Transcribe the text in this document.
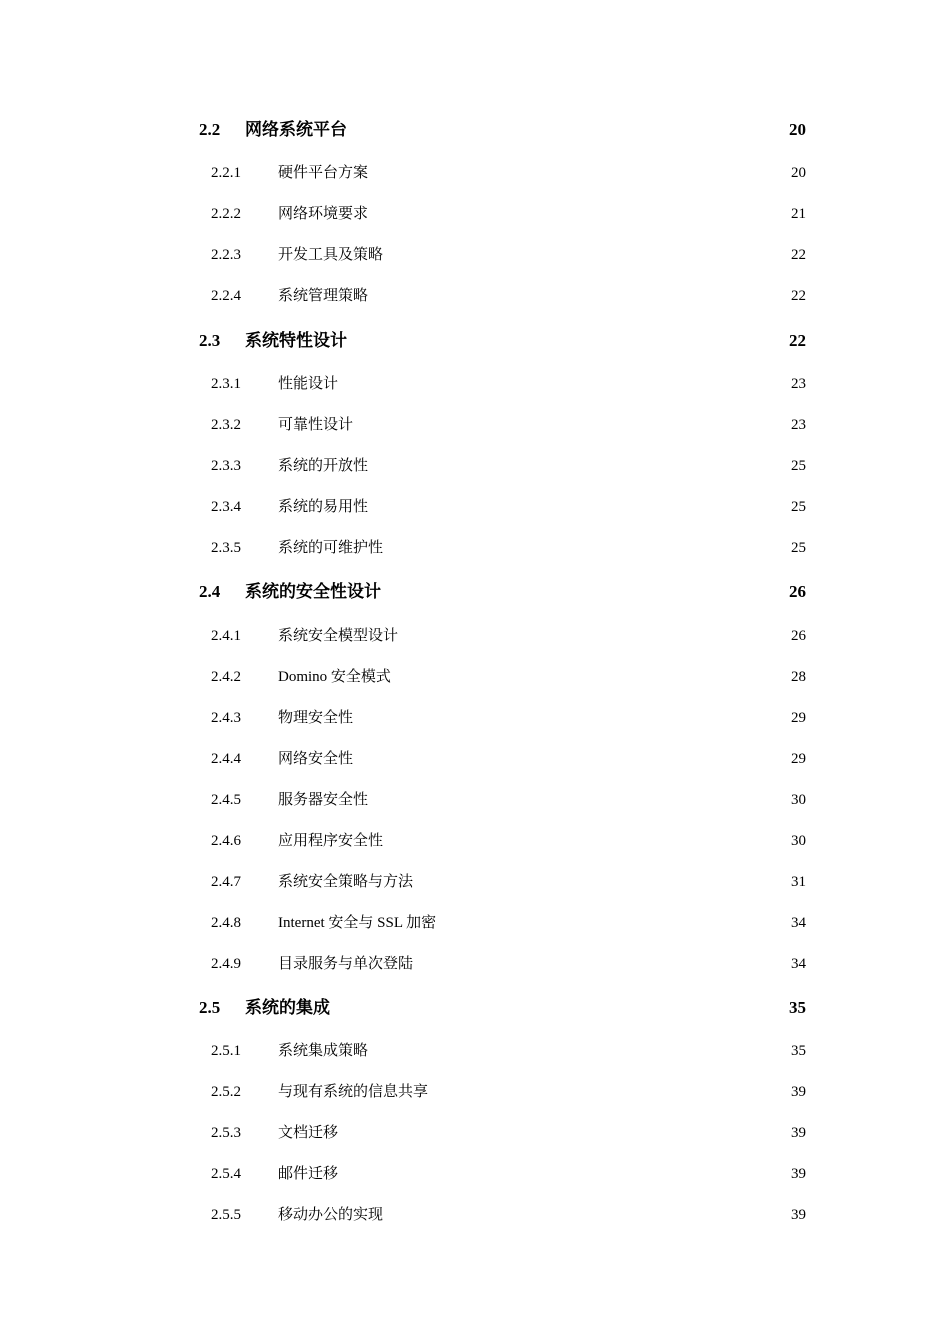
2.2	网络系统平台	20
2.2.1	硬件平台方案	20
2.2.2	网络环境要求	21
2.2.3	开发工具及策略	22
2.2.4	系统管理策略	22
2.3	系统特性设计	22
2.3.1	性能设计	23
2.3.2	可靠性设计	23
2.3.3	系统的开放性	25
2.3.4	系统的易用性	25
2.3.5	系统的可维护性	25
2.4	系统的安全性设计	26
2.4.1	系统安全模型设计	26
2.4.2	Domino 安全模式	28
2.4.3	物理安全性	29
2.4.4	网络安全性	29
2.4.5	服务器安全性	30
2.4.6	应用程序安全性	30
2.4.7	系统安全策略与方法	31
2.4.8	Internet 安全与 SSL 加密	34
2.4.9	目录服务与单次登陆	34
2.5	系统的集成	35
2.5.1	系统集成策略	35
2.5.2	与现有系统的信息共享	39
2.5.3	文档迁移	39
2.5.4	邮件迁移	39
2.5.5	移动办公的实现	39
